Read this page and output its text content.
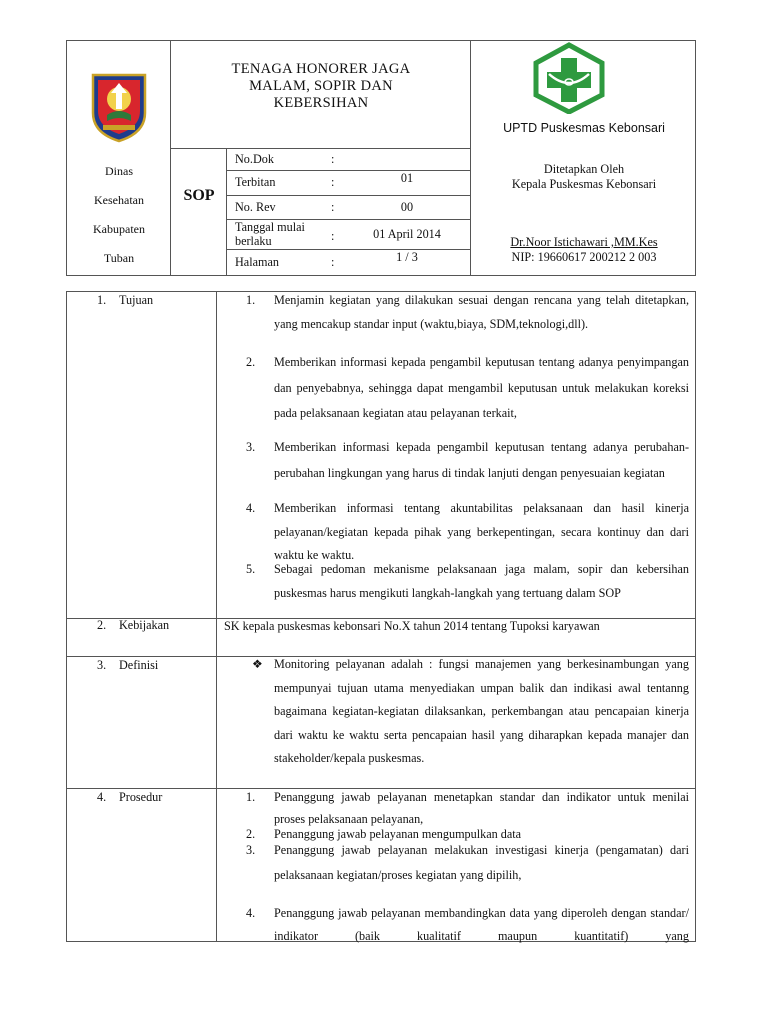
TENAGA HONORER JAGA
MALAM, SOPIR DAN
KEBERSIHAN
UPTD Puskesmas Kebonsari
Dinas
Kesehatan
Kabupaten
Tuban
SOP
No.Dok	:
Terbitan	:	01
No. Rev	:	00
Tanggal mulai berlaku	:	01 April 2014
Halaman	:	1 / 3
Ditetapkan Oleh
Kepala Puskesmas Kebonsari
Dr.Noor Istichawari ,MM.Kes
NIP: 19660617 200212 2 003
1. Tujuan	1. Menjamin kegiatan yang dilakukan sesuai dengan rencana yang telah ditetapkan, yang mencakup standar input (waktu,biaya, SDM,teknologi,dll).
2. Memberikan informasi kepada pengambil keputusan tentang adanya penyimpangan dan penyebabnya, sehingga dapat mengambil keputusan untuk melakukan koreksi pada pelaksanaan kegiatan atau pelayanan terkait,
3. Memberikan informasi kepada pengambil keputusan tentang adanya perubahan-perubahan lingkungan yang harus di tindak lanjuti dengan penyesuaian kegiatan
4. Memberikan informasi tentang akuntabilitas pelaksanaan dan hasil kinerja pelayanan/kegiatan kepada pihak yang berkepentingan, secara kontinuy dan dari waktu ke waktu.
5. Sebagai pedoman mekanisme pelaksanaan jaga malam, sopir dan kebersihan puskesmas harus mengikuti langkah-langkah yang tertuang dalam SOP
2. Kebijakan	SK kepala puskesmas kebonsari No.X tahun 2014 tentang Tupoksi karyawan
3. Definisi	❖ Monitoring pelayanan adalah : fungsi manajemen yang berkesinambungan yang mempunyai tujuan utama menyediakan umpan balik dan indikasi awal tentanng bagaimana kegiatan-kegiatan dilaksankan, perkembangan atau pencapaian kinerja dari waktu ke waktu serta pencapaian hasil yang diharapkan kepada manajer dan stakeholder/kepala puskesmas.
4. Prosedur	1. Penanggung jawab pelayanan menetapkan standar dan indikator untuk menilai proses pelaksanaan pelayanan,
2. Penanggung jawab pelayanan mengumpulkan data
3. Penanggung jawab pelayanan melakukan investigasi kinerja (pengamatan) dari pelaksanaan kegiatan/proses kegiatan yang dipilih,
4. Penanggung jawab pelayanan membandingkan data yang diperoleh dengan standar/ indikator (baik kualitatif maupun kuantitatif) yang
